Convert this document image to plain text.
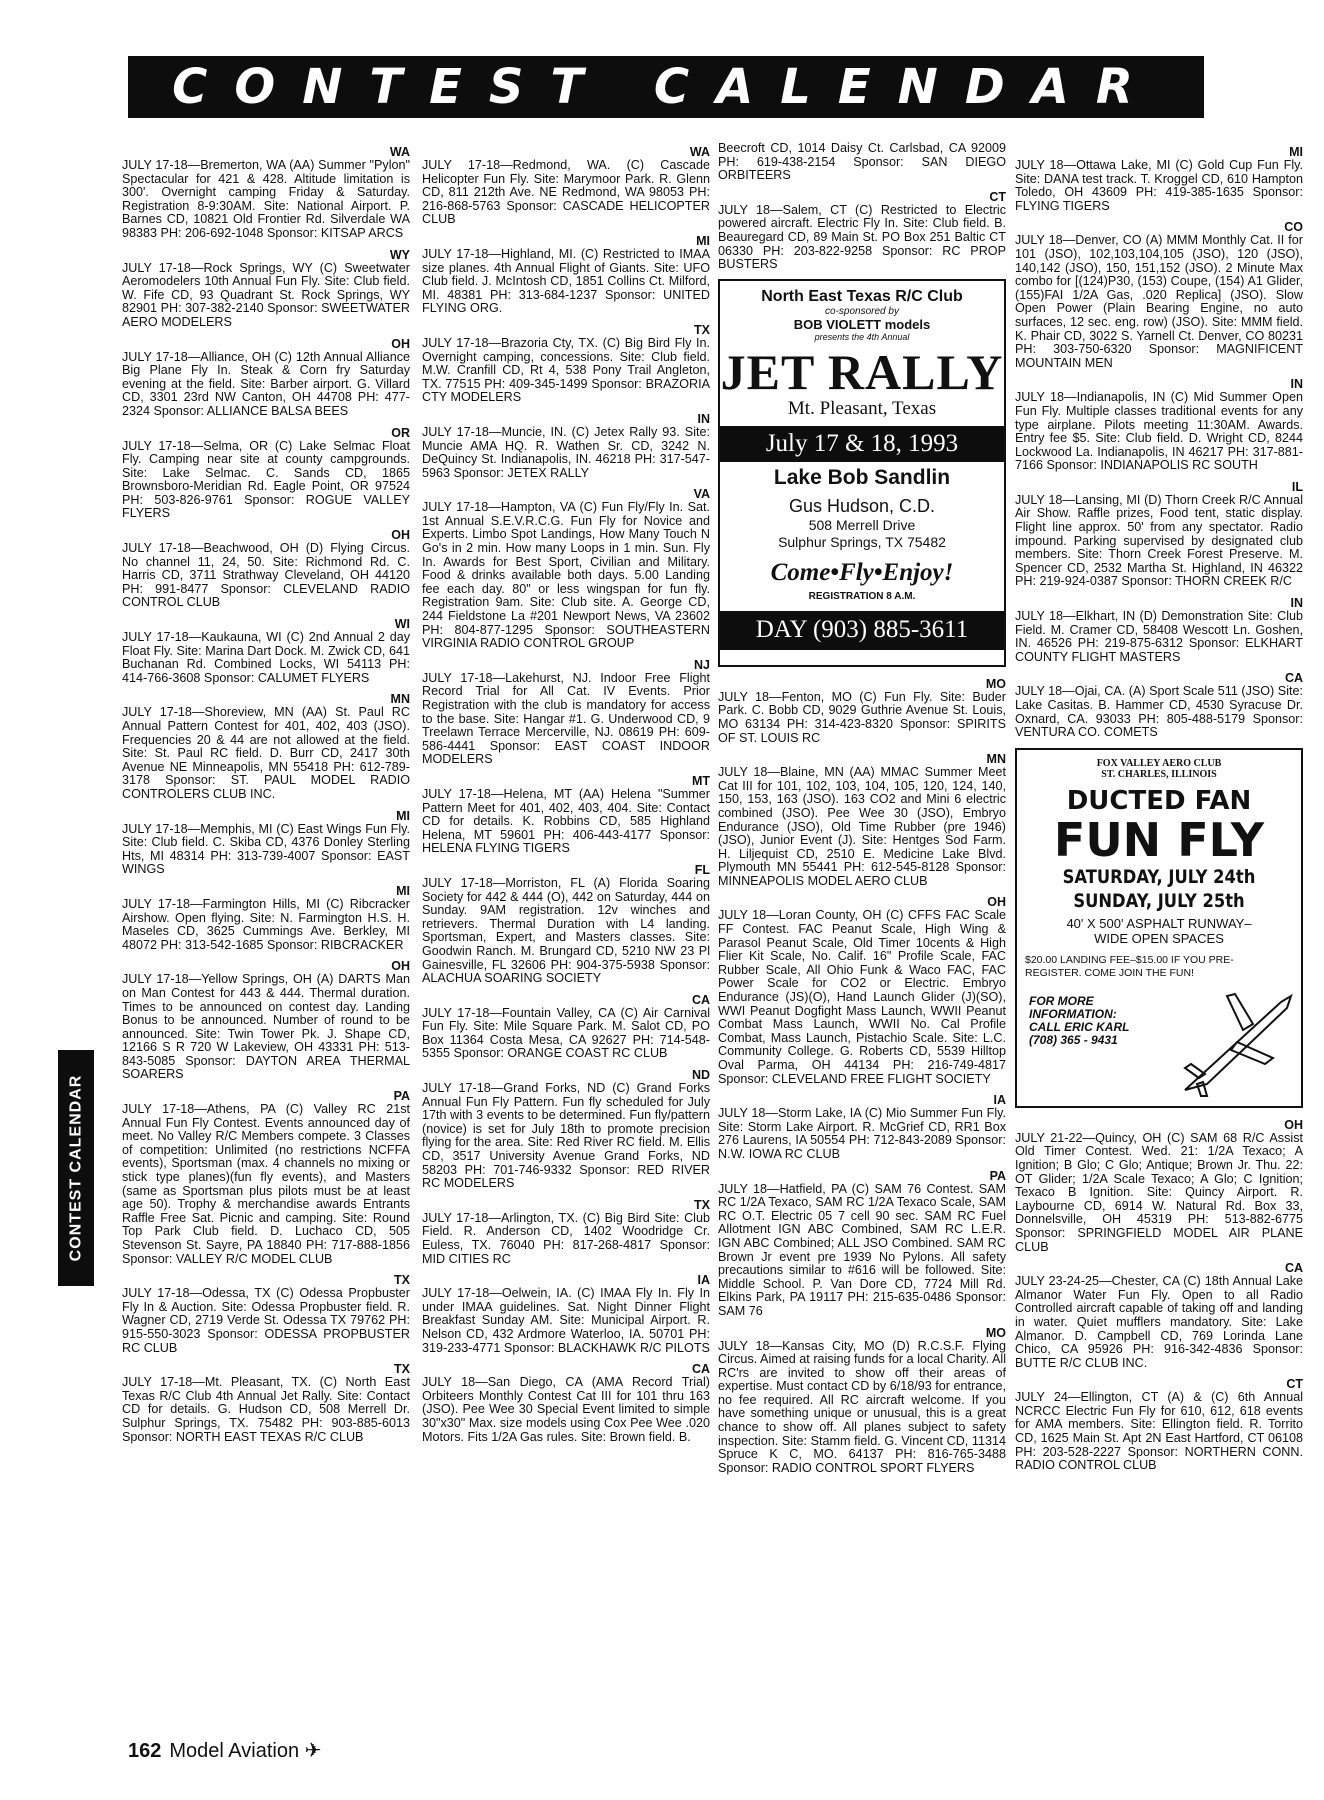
CONTEST CALENDAR
CONTEST CALENDAR
WA
JULY 17-18—Bremerton, WA (AA) Summer "Pylon" Spectacular for 421 & 428. Altitude limitation is 300'. Overnight camping Friday & Saturday. Registration 8-9:30AM. Site: National Airport. P. Barnes CD, 10821 Old Frontier Rd. Silverdale WA 98383 PH: 206-692-1048 Sponsor: KITSAP ARCS
WY
JULY 17-18—Rock Springs, WY (C) Sweetwater Aeromodelers 10th Annual Fun Fly. Site: Club field. W. Fife CD, 93 Quadrant St. Rock Springs, WY 82901 PH: 307-382-2140 Sponsor: SWEETWATER AERO MODELERS
OH
JULY 17-18—Alliance, OH (C) 12th Annual Alliance Big Plane Fly In. Steak & Corn fry Saturday evening at the field. Site: Barber airport. G. Villard CD, 3301 23rd NW Canton, OH 44708 PH: 477-2324 Sponsor: ALLIANCE BALSA BEES
OR
JULY 17-18—Selma, OR (C) Lake Selmac Float Fly. Camping near site at county campgrounds. Site: Lake Selmac. C. Sands CD, 1865 Brownsboro-Meridian Rd. Eagle Point, OR 97524 PH: 503-826-9761 Sponsor: ROGUE VALLEY FLYERS
OH
JULY 17-18—Beachwood, OH (D) Flying Circus. No channel 11, 24, 50. Site: Richmond Rd. C. Harris CD, 3711 Strathway Cleveland, OH 44120 PH: 991-8477 Sponsor: CLEVELAND RADIO CONTROL CLUB
WI
JULY 17-18—Kaukauna, WI (C) 2nd Annual 2 day Float Fly. Site: Marina Dart Dock. M. Zwick CD, 641 Buchanan Rd. Combined Locks, WI 54113 PH: 414-766-3608 Sponsor: CALUMET FLYERS
MN
JULY 17-18—Shoreview, MN (AA) St. Paul RC Annual Pattern Contest for 401, 402, 403 (JSO). Frequencies 20 & 44 are not allowed at the field. Site: St. Paul RC field. D. Burr CD, 2417 30th Avenue NE Minneapolis, MN 55418 PH: 612-789-3178 Sponsor: ST. PAUL MODEL RADIO CONTROLERS CLUB INC.
MI
JULY 17-18—Memphis, MI (C) East Wings Fun Fly. Site: Club field. C. Skiba CD, 4376 Donley Sterling Hts, MI 48314 PH: 313-739-4007 Sponsor: EAST WINGS
MI
JULY 17-18—Farmington Hills, MI (C) Ribcracker Airshow. Open flying. Site: N. Farmington H.S. H. Maseles CD, 3625 Cummings Ave. Berkley, MI 48072 PH: 313-542-1685 Sponsor: RIBCRACKER
OH
JULY 17-18—Yellow Springs, OH (A) DARTS Man on Man Contest for 443 & 444. Thermal duration. Times to be announced on contest day. Landing Bonus to be announced. Number of round to be announced. Site: Twin Tower Pk. J. Shape CD, 12166 S R 720 W Lakeview, OH 43331 PH: 513-843-5085 Sponsor: DAYTON AREA THERMAL SOARERS
PA
JULY 17-18—Athens, PA (C) Valley RC 21st Annual Fun Fly Contest. Events announced day of meet. No Valley R/C Members compete. 3 Classes of competition: Unlimited (no restrictions NCFFA events), Sportsman (max. 4 channels no mixing or stick type planes)(fun fly events), and Masters (same as Sportsman plus pilots must be at least age 50). Trophy & merchandise awards Entrants Raffle Free Sat. Picnic and camping. Site: Round Top Park Club field. D. Luchaco CD, 505 Stevenson St. Sayre, PA 18840 PH: 717-888-1856 Sponsor: VALLEY R/C MODEL CLUB
TX
JULY 17-18—Odessa, TX (C) Odessa Propbuster Fly In & Auction. Site: Odessa Propbuster field. R. Wagner CD, 2719 Verde St. Odessa TX 79762 PH: 915-550-3023 Sponsor: ODESSA PROPBUSTER RC CLUB
TX
JULY 17-18—Mt. Pleasant, TX. (C) North East Texas R/C Club 4th Annual Jet Rally. Site: Contact CD for details. G. Hudson CD, 508 Merrell Dr. Sulphur Springs, TX. 75482 PH: 903-885-6013 Sponsor: NORTH EAST TEXAS R/C CLUB
WA
JULY 17-18—Redmond, WA. (C) Cascade Helicopter Fun Fly. Site: Marymoor Park. R. Glenn CD, 811 212th Ave. NE Redmond, WA 98053 PH: 216-868-5763 Sponsor: CASCADE HELICOPTER CLUB
MI
JULY 17-18—Highland, MI. (C) Restricted to IMAA size planes. 4th Annual Flight of Giants. Site: UFO Club field. J. McIntosh CD, 1851 Collins Ct. Milford, MI. 48381 PH: 313-684-1237 Sponsor: UNITED FLYING ORG.
TX
JULY 17-18—Brazoria Cty, TX. (C) Big Bird Fly In. Overnight camping, concessions. Site: Club field. M.W. Cranfill CD, Rt 4, 538 Pony Trail Angleton, TX. 77515 PH: 409-345-1499 Sponsor: BRAZORIA CTY MODELERS
IN
JULY 17-18—Muncie, IN. (C) Jetex Rally 93. Site: Muncie AMA HQ. R. Wathen Sr. CD, 3242 N. DeQuincy St. Indianapolis, IN. 46218 PH: 317-547-5963 Sponsor: JETEX RALLY
VA
JULY 17-18—Hampton, VA (C) Fun Fly/Fly In. Sat. 1st Annual S.E.V.R.C.G. Fun Fly for Novice and Experts. Limbo Spot Landings, How Many Touch N Go's in 2 min. How many Loops in 1 min. Sun. Fly In. Awards for Best Sport, Civilian and Military. Food & drinks available both days. 5.00 Landing fee each day. 80" or less wingspan for fun fly. Registration 9am. Site: Club site. A. George CD, 244 Fieldstone La #201 Newport News, VA 23602 PH: 804-877-1295 Sponsor: SOUTHEASTERN VIRGINIA RADIO CONTROL GROUP
NJ
JULY 17-18—Lakehurst, NJ. Indoor Free Flight Record Trial for All Cat. IV Events. Prior Registration with the club is mandatory for access to the base. Site: Hangar #1. G. Underwood CD, 9 Treelawn Terrace Mercerville, NJ. 08619 PH: 609-586-4441 Sponsor: EAST COAST INDOOR MODELERS
MT
JULY 17-18—Helena, MT (AA) Helena "Summer Pattern Meet for 401, 402, 403, 404. Site: Contact CD for details. K. Robbins CD, 585 Highland Helena, MT 59601 PH: 406-443-4177 Sponsor: HELENA FLYING TIGERS
FL
JULY 17-18—Morriston, FL (A) Florida Soaring Society for 442 & 444 (O), 442 on Saturday, 444 on Sunday. 9AM registration. 12v winches and retrievers. Thermal Duration with L4 landing. Sportsman, Expert, and Masters classes. Site: Goodwin Ranch. M. Brungard CD, 5210 NW 23 Pl Gainesville, FL 32606 PH: 904-375-5938 Sponsor: ALACHUA SOARING SOCIETY
CA
JULY 17-18—Fountain Valley, CA (C) Air Carnival Fun Fly. Site: Mile Square Park. M. Salot CD, PO Box 11364 Costa Mesa, CA 92627 PH: 714-548-5355 Sponsor: ORANGE COAST RC CLUB
ND
JULY 17-18—Grand Forks, ND (C) Grand Forks Annual Fun Fly Pattern. Fun fly scheduled for July 17th with 3 events to be determined. Fun fly/pattern (novice) is set for July 18th to promote precision flying for the area. Site: Red River RC field. M. Ellis CD, 3517 University Avenue Grand Forks, ND 58203 PH: 701-746-9332 Sponsor: RED RIVER RC MODELERS
TX
JULY 17-18—Arlington, TX. (C) Big Bird Site: Club Field. R. Anderson CD, 1402 Woodridge Cr. Euless, TX. 76040 PH: 817-268-4817 Sponsor: MID CITIES RC
IA
JULY 17-18—Oelwein, IA. (C) IMAA Fly In. Fly In under IMAA guidelines. Sat. Night Dinner Flight Breakfast Sunday AM. Site: Municipal Airport. R. Nelson CD, 432 Ardmore Waterloo, IA. 50701 PH: 319-233-4771 Sponsor: BLACKHAWK R/C PILOTS
CA
JULY 18—San Diego, CA (AMA Record Trial) Orbiteers Monthly Contest Cat III for 101 thru 163 (JSO). Pee Wee 30 Special Event limited to simple 30"x30" Max. size models using Cox Pee Wee .020 Motors. Fits 1/2A Gas rules. Site: Brown field. B.
Beecroft CD, 1014 Daisy Ct. Carlsbad, CA 92009 PH: 619-438-2154 Sponsor: SAN DIEGO ORBITEERS
CT
JULY 18—Salem, CT (C) Restricted to Electric powered aircraft. Electric Fly In. Site: Club field. B. Beauregard CD, 89 Main St. PO Box 251 Baltic CT 06330 PH: 203-822-9258 Sponsor: RC PROP BUSTERS
North East Texas R/C Club
co-sponsored by
BOB VIOLETT models
presents the 4th Annual
JET RALLY
Mt. Pleasant, Texas
July 17 & 18, 1993
Lake Bob Sandlin
Gus Hudson, C.D.
508 Merrell Drive
Sulphur Springs, TX 75482
Come•Fly•Enjoy!
REGISTRATION 8 A.M.
DAY (903) 885-3611
MO
JULY 18—Fenton, MO (C) Fun Fly. Site: Buder Park. C. Bobb CD, 9029 Guthrie Avenue St. Louis, MO 63134 PH: 314-423-8320 Sponsor: SPIRITS OF ST. LOUIS RC
MN
JULY 18—Blaine, MN (AA) MMAC Summer Meet Cat III for 101, 102, 103, 104, 105, 120, 124, 140, 150, 153, 163 (JSO). 163 CO2 and Mini 6 electric combined (JSO). Pee Wee 30 (JSO), Embryo Endurance (JSO), Old Time Rubber (pre 1946) (JSO), Junior Event (J). Site: Hentges Sod Farm. H. Liljequist CD, 2510 E. Medicine Lake Blvd. Plymouth MN 55441 PH: 612-545-8128 Sponsor: MINNEAPOLIS MODEL AERO CLUB
OH
JULY 18—Loran County, OH (C) CFFS FAC Scale FF Contest. FAC Peanut Scale, High Wing & Parasol Peanut Scale, Old Timer 10cents & High Flier Kit Scale, No. Calif. 16" Profile Scale, FAC Rubber Scale, All Ohio Funk & Waco FAC, FAC Power Scale for CO2 or Electric. Embryo Endurance (JS)(O), Hand Launch Glider (J)(SO), WWI Peanut Dogfight Mass Launch, WWII Peanut Combat Mass Launch, WWII No. Cal Profile Combat, Mass Launch, Pistachio Scale. Site: L.C. Community College. G. Roberts CD, 5539 Hilltop Oval Parma, OH 44134 PH: 216-749-4817 Sponsor: CLEVELAND FREE FLIGHT SOCIETY
IA
JULY 18—Storm Lake, IA (C) Mio Summer Fun Fly. Site: Storm Lake Airport. R. McGrief CD, RR1 Box 276 Laurens, IA 50554 PH: 712-843-2089 Sponsor: N.W. IOWA RC CLUB
PA
JULY 18—Hatfield, PA (C) SAM 76 Contest. SAM RC 1/2A Texaco, SAM RC 1/2A Texaco Scale, SAM RC O.T. Electric 05 7 cell 90 sec. SAM RC Fuel Allotment IGN ABC Combined, SAM RC L.E.R. IGN ABC Combined; ALL JSO Combined. SAM RC Brown Jr event pre 1939 No Pylons. All safety precautions similar to #616 will be followed. Site: Middle School. P. Van Dore CD, 7724 Mill Rd. Elkins Park, PA 19117 PH: 215-635-0486 Sponsor: SAM 76
MO
JULY 18—Kansas City, MO (D) R.C.S.F. Flying Circus. Aimed at raising funds for a local Charity. All RC'rs are invited to show off their areas of expertise. Must contact CD by 6/18/93 for entrance, no fee required. All RC aircraft welcome. If you have something unique or unusual, this is a great chance to show off. All planes subject to safety inspection. Site: Stamm field. G. Vincent CD, 11314 Spruce K C, MO. 64137 PH: 816-765-3488 Sponsor: RADIO CONTROL SPORT FLYERS
MI
JULY 18—Ottawa Lake, MI (C) Gold Cup Fun Fly. Site: DANA test track. T. Kroggel CD, 610 Hampton Toledo, OH 43609 PH: 419-385-1635 Sponsor: FLYING TIGERS
CO
JULY 18—Denver, CO (A) MMM Monthly Cat. II for 101 (JSO), 102,103,104,105 (JSO), 120 (JSO), 140,142 (JSO), 150, 151,152 (JSO). 2 Minute Max combo for [(124)P30, (153) Coupe, (154) A1 Glider, (155)FAI 1/2A Gas, .020 Replica] (JSO). Slow Open Power (Plain Bearing Engine, no auto surfaces, 12 sec. eng. row) (JSO). Site: MMM field. K. Phair CD, 3022 S. Yarnell Ct. Denver, CO 80231 PH: 303-750-6320 Sponsor: MAGNIFICENT MOUNTAIN MEN
IN
JULY 18—Indianapolis, IN (C) Mid Summer Open Fun Fly. Multiple classes traditional events for any type airplane. Pilots meeting 11:30AM. Awards. Entry fee $5. Site: Club field. D. Wright CD, 8244 Lockwood La. Indianapolis, IN 46217 PH: 317-881-7166 Sponsor: INDIANAPOLIS RC SOUTH
IL
JULY 18—Lansing, MI (D) Thorn Creek R/C Annual Air Show. Raffle prizes, Food tent, static display. Flight line approx. 50' from any spectator. Radio impound. Parking supervised by designated club members. Site: Thorn Creek Forest Preserve. M. Spencer CD, 2532 Martha St. Highland, IN 46322 PH: 219-924-0387 Sponsor: THORN CREEK R/C
IN
JULY 18—Elkhart, IN (D) Demonstration Site: Club Field. M. Cramer CD, 58408 Wescott Ln. Goshen, IN. 46526 PH: 219-875-6312 Sponsor: ELKHART COUNTY FLIGHT MASTERS
CA
JULY 18—Ojai, CA. (A) Sport Scale 511 (JSO) Site: Lake Casitas. B. Hammer CD, 4530 Syracuse Dr. Oxnard, CA. 93033 PH: 805-488-5179 Sponsor: VENTURA CO. COMETS
FOX VALLEY AERO CLUB
ST. CHARLES, ILLINOIS
DUCTED FAN
FUN FLY
SATURDAY, JULY 24th
SUNDAY, JULY 25th
40' X 500' ASPHALT RUNWAY–
WIDE OPEN SPACES
$20.00 LANDING FEE–$15.00 IF YOU PRE-
REGISTER. COME JOIN THE FUN!
FOR MORE
INFORMATION:
CALL ERIC KARL
(708) 365 - 9431
OH
JULY 21-22—Quincy, OH (C) SAM 68 R/C Assist Old Timer Contest. Wed. 21: 1/2A Texaco; A Ignition; B Glo; C Glo; Antique; Brown Jr. Thu. 22: OT Glider; 1/2A Scale Texaco; A Glo; C Ignition; Texaco B Ignition. Site: Quincy Airport. R. Laybourne CD, 6914 W. Natural Rd. Box 33, Donnelsville, OH 45319 PH: 513-882-6775 Sponsor: SPRINGFIELD MODEL AIR PLANE CLUB
CA
JULY 23-24-25—Chester, CA (C) 18th Annual Lake Almanor Water Fun Fly. Open to all Radio Controlled aircraft capable of taking off and landing in water. Quiet mufflers mandatory. Site: Lake Almanor. D. Campbell CD, 769 Lorinda Lane Chico, CA 95926 PH: 916-342-4836 Sponsor: BUTTE R/C CLUB INC.
CT
JULY 24—Ellington, CT (A) & (C) 6th Annual NCRCC Electric Fun Fly for 610, 612, 618 events for AMA members. Site: Ellington field. R. Torrito CD, 1625 Main St. Apt 2N East Hartford, CT 06108 PH: 203-528-2227 Sponsor: NORTHERN CONN. RADIO CONTROL CLUB
162 Model Aviation ✈
